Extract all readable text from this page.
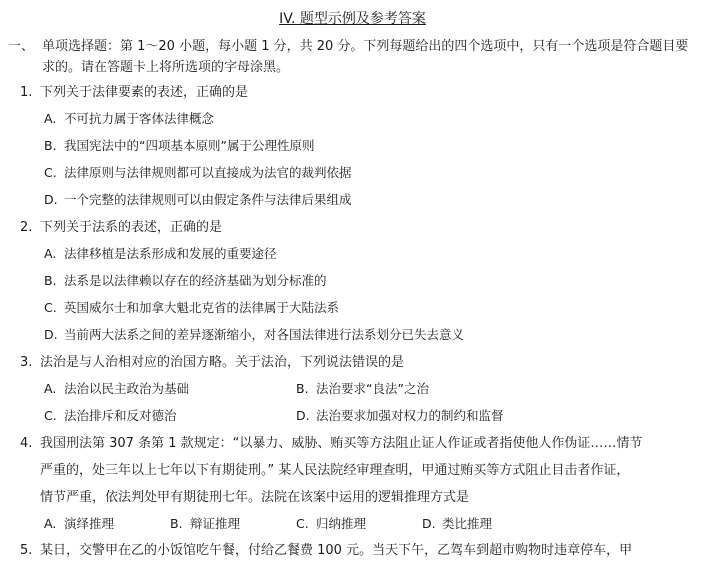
IV. 题型示例及参考答案
一、 单项选择题：第 1～20 小题，每小题 1 分，共 20 分。下列每题给出的四个选项中，只有一个选项是符合题目要求的。请在答题卡上将所选项的字母涂黑。
1. 下列关于法律要素的表述，正确的是
A. 不可抗力属于客体法律概念
B. 我国宪法中的“四项基本原则”属于公理性原则
C. 法律原则与法律规则都可以直接成为法官的裁判依据
D. 一个完整的法律规则可以由假定条件与法律后果组成
2. 下列关于法系的表述，正确的是
A. 法律移植是法系形成和发展的重要途径
B. 法系是以法律赖以存在的经济基础为划分标准的
C. 英国威尔士和加拿大魁北克省的法律属于大陆法系
D. 当前两大法系之间的差异逐渐缩小，对各国法律进行法系划分已失去意义
3. 法治是与人治相对应的治国方略。关于法治，下列说法错误的是
A. 法治以民主政治为基础	B. 法治要求“良法”之治
C. 法治排斥和反对德治	D. 法治要求加强对权力的制约和监督
4. 我国刑法第 307 条第 1 款规定：“以暴力、威胁、贿买等方法阻止证人作证或者指使他人作伪证……情节
严重的，处三年以上七年以下有期徒刑。” 某人民法院经审理查明，甲通过贿买等方式阻止目击者作证，
情节严重，依法判处甲有期徒刑七年。法院在该案中运用的逻辑推理方式是
A. 演绎推理	B. 辩证推理	C. 归纳推理	D. 类比推理
5. 某日，交警甲在乙的小饭馆吃午餐，付给乙餐费 100 元。当天下午，乙驾车到超市购物时违章停车，甲
